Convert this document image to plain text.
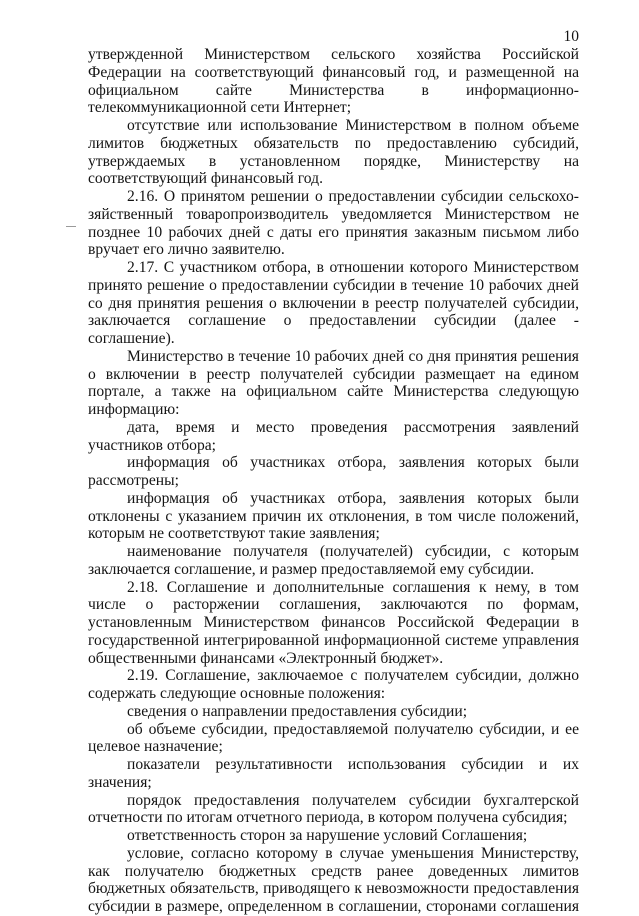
10

утвержденной Министерством сельского хозяйства Российской Федерации на соответствующий финансовый год, и размещенной на официальном сайте Министерства в информационно-телекоммуникационной сети Интернет;

отсутствие или использование Министерством в полном объеме лимитов бюджетных обязательств по предоставлению субсидий, утверждаемых в установленном порядке, Министерству на соответствующий финансовый год.

2.16. О принятом решении о предоставлении субсидии сельскохозяйственный товаропроизводитель уведомляется Министерством не позднее 10 рабочих дней с даты его принятия заказным письмом либо вручает его лично заявителю.

2.17. С участником отбора, в отношении которого Министерством принято решение о предоставлении субсидии в течение 10 рабочих дней со дня принятия решения о включении в реестр получателей субсидии, заключается соглашение о предоставлении субсидии (далее - соглашение).

Министерство в течение 10 рабочих дней со дня принятия решения о включении в реестр получателей субсидии размещает на едином портале, а также на официальном сайте Министерства следующую информацию:

дата, время и место проведения рассмотрения заявлений участников отбора;

информация об участниках отбора, заявления которых были рассмотрены;

информация об участниках отбора, заявления которых были отклонены с указанием причин их отклонения, в том числе положений, которым не соответствуют такие заявления;

наименование получателя (получателей) субсидии, с которым заключается соглашение, и размер предоставляемой ему субсидии.

2.18. Соглашение и дополнительные соглашения к нему, в том числе о расторжении соглашения, заключаются по формам, установленным Министерством финансов Российской Федерации в государственной интегрированной информационной системе управления общественными финансами «Электронный бюджет».

2.19. Соглашение, заключаемое с получателем субсидии, должно содержать следующие основные положения:

сведения о направлении предоставления субсидии;

об объеме субсидии, предоставляемой получателю субсидии, и ее целевое назначение;

показатели результативности использования субсидии и их значения;

порядок предоставления получателем субсидии бухгалтерской отчетности по итогам отчетного периода, в котором получена субсидия;

ответственность сторон за нарушение условий Соглашения;

условие, согласно которому в случае уменьшения Министерству, как получателю бюджетных средств ранее доведенных лимитов бюджетных обязательств, приводящего к невозможности предоставления субсидии в размере, определенном в соглашении, сторонами соглашения
